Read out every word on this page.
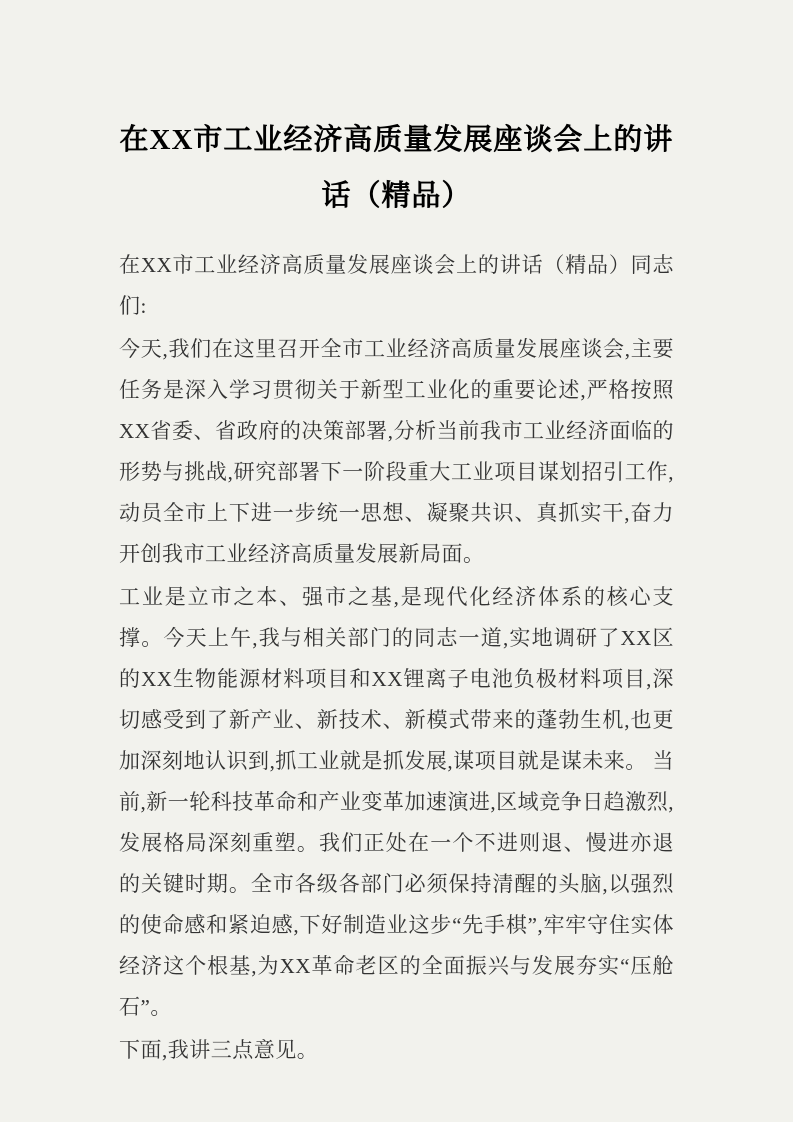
在XX市工业经济高质量发展座谈会上的讲话（精品）

在XX市工业经济高质量发展座谈会上的讲话（精品）同志们:

今天,我们在这里召开全市工业经济高质量发展座谈会,主要任务是深入学习贯彻关于新型工业化的重要论述,严格按照XX省委、省政府的决策部署,分析当前我市工业经济面临的形势与挑战,研究部署下一阶段重大工业项目谋划招引工作,动员全市上下进一步统一思想、凝聚共识、真抓实干,奋力开创我市工业经济高质量发展新局面。

工业是立市之本、强市之基,是现代化经济体系的核心支撑。今天上午,我与相关部门的同志一道,实地调研了XX区的XX生物能源材料项目和XX锂离子电池负极材料项目,深切感受到了新产业、新技术、新模式带来的蓬勃生机,也更加深刻地认识到,抓工业就是抓发展,谋项目就是谋未来。 当前,新一轮科技革命和产业变革加速演进,区域竞争日趋激烈,发展格局深刻重塑。我们正处在一个不进则退、慢进亦退的关键时期。全市各级各部门必须保持清醒的头脑,以强烈的使命感和紧迫感,下好制造业这步“先手棋”,牢牢守住实体经济这个根基,为XX革命老区的全面振兴与发展夯实“压舱石”。

下面,我讲三点意见。
